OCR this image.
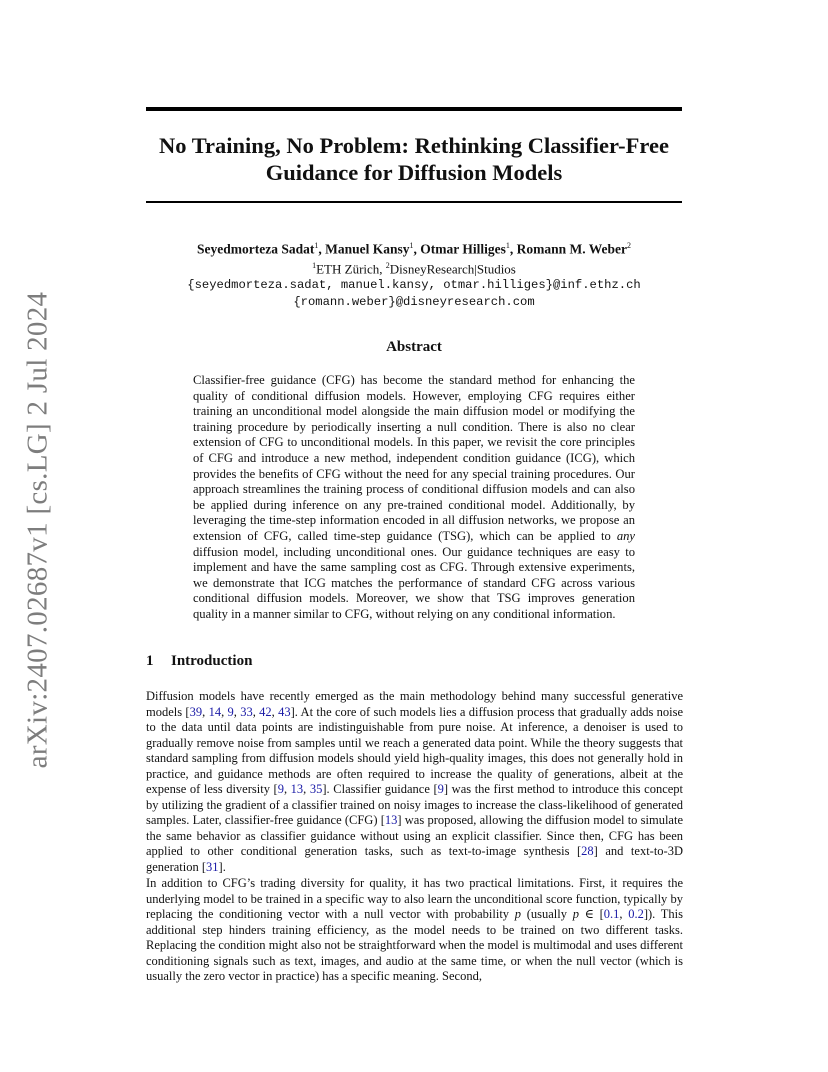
arXiv:2407.02687v1 [cs.LG] 2 Jul 2024
No Training, No Problem: Rethinking Classifier-Free
Guidance for Diffusion Models
Seyedmorteza Sadat$^1$, Manuel Kansy$^1$, Otmar Hilliges$^1$, Romann M. Weber$^2$
$^1$ETH Zürich, $^2$DisneyResearch|Studios
{seyedmorteza.sadat, manuel.kansy, otmar.hilliges}@inf.ethz.ch
{romann.weber}@disneyresearch.com
Abstract
Classifier-free guidance (CFG) has become the standard method for enhancing the quality of conditional diffusion models. However, employing CFG requires either training an unconditional model alongside the main diffusion model or modifying the training procedure by periodically inserting a null condition. There is also no clear extension of CFG to unconditional models. In this paper, we revisit the core principles of CFG and introduce a new method, independent condition guidance (ICG), which provides the benefits of CFG without the need for any special training procedures. Our approach streamlines the training process of conditional diffusion models and can also be applied during inference on any pre-trained conditional model. Additionally, by leveraging the time-step information encoded in all diffusion networks, we propose an extension of CFG, called time-step guidance (TSG), which can be applied to any diffusion model, including unconditional ones. Our guidance techniques are easy to implement and have the same sampling cost as CFG. Through extensive experiments, we demonstrate that ICG matches the performance of standard CFG across various conditional diffusion models. Moreover, we show that TSG improves generation quality in a manner similar to CFG, without relying on any conditional information.
1 Introduction
Diffusion models have recently emerged as the main methodology behind many successful generative models [39, 14, 9, 33, 42, 43]. At the core of such models lies a diffusion process that gradually adds noise to the data until data points are indistinguishable from pure noise. At inference, a denoiser is used to gradually remove noise from samples until we reach a generated data point. While the theory suggests that standard sampling from diffusion models should yield high-quality images, this does not generally hold in practice, and guidance methods are often required to increase the quality of generations, albeit at the expense of less diversity [9, 13, 35]. Classifier guidance [9] was the first method to introduce this concept by utilizing the gradient of a classifier trained on noisy images to increase the class-likelihood of generated samples. Later, classifier-free guidance (CFG) [13] was proposed, allowing the diffusion model to simulate the same behavior as classifier guidance without using an explicit classifier. Since then, CFG has been applied to other conditional generation tasks, such as text-to-image synthesis [28] and text-to-3D generation [31].
In addition to CFG’s trading diversity for quality, it has two practical limitations. First, it requires the underlying model to be trained in a specific way to also learn the unconditional score function, typically by replacing the conditioning vector with a null vector with probability p (usually p ∈ [0.1, 0.2]). This additional step hinders training efficiency, as the model needs to be trained on two different tasks. Replacing the condition might also not be straightforward when the model is multimodal and uses different conditioning signals such as text, images, and audio at the same time, or when the null vector (which is usually the zero vector in practice) has a specific meaning. Second,
